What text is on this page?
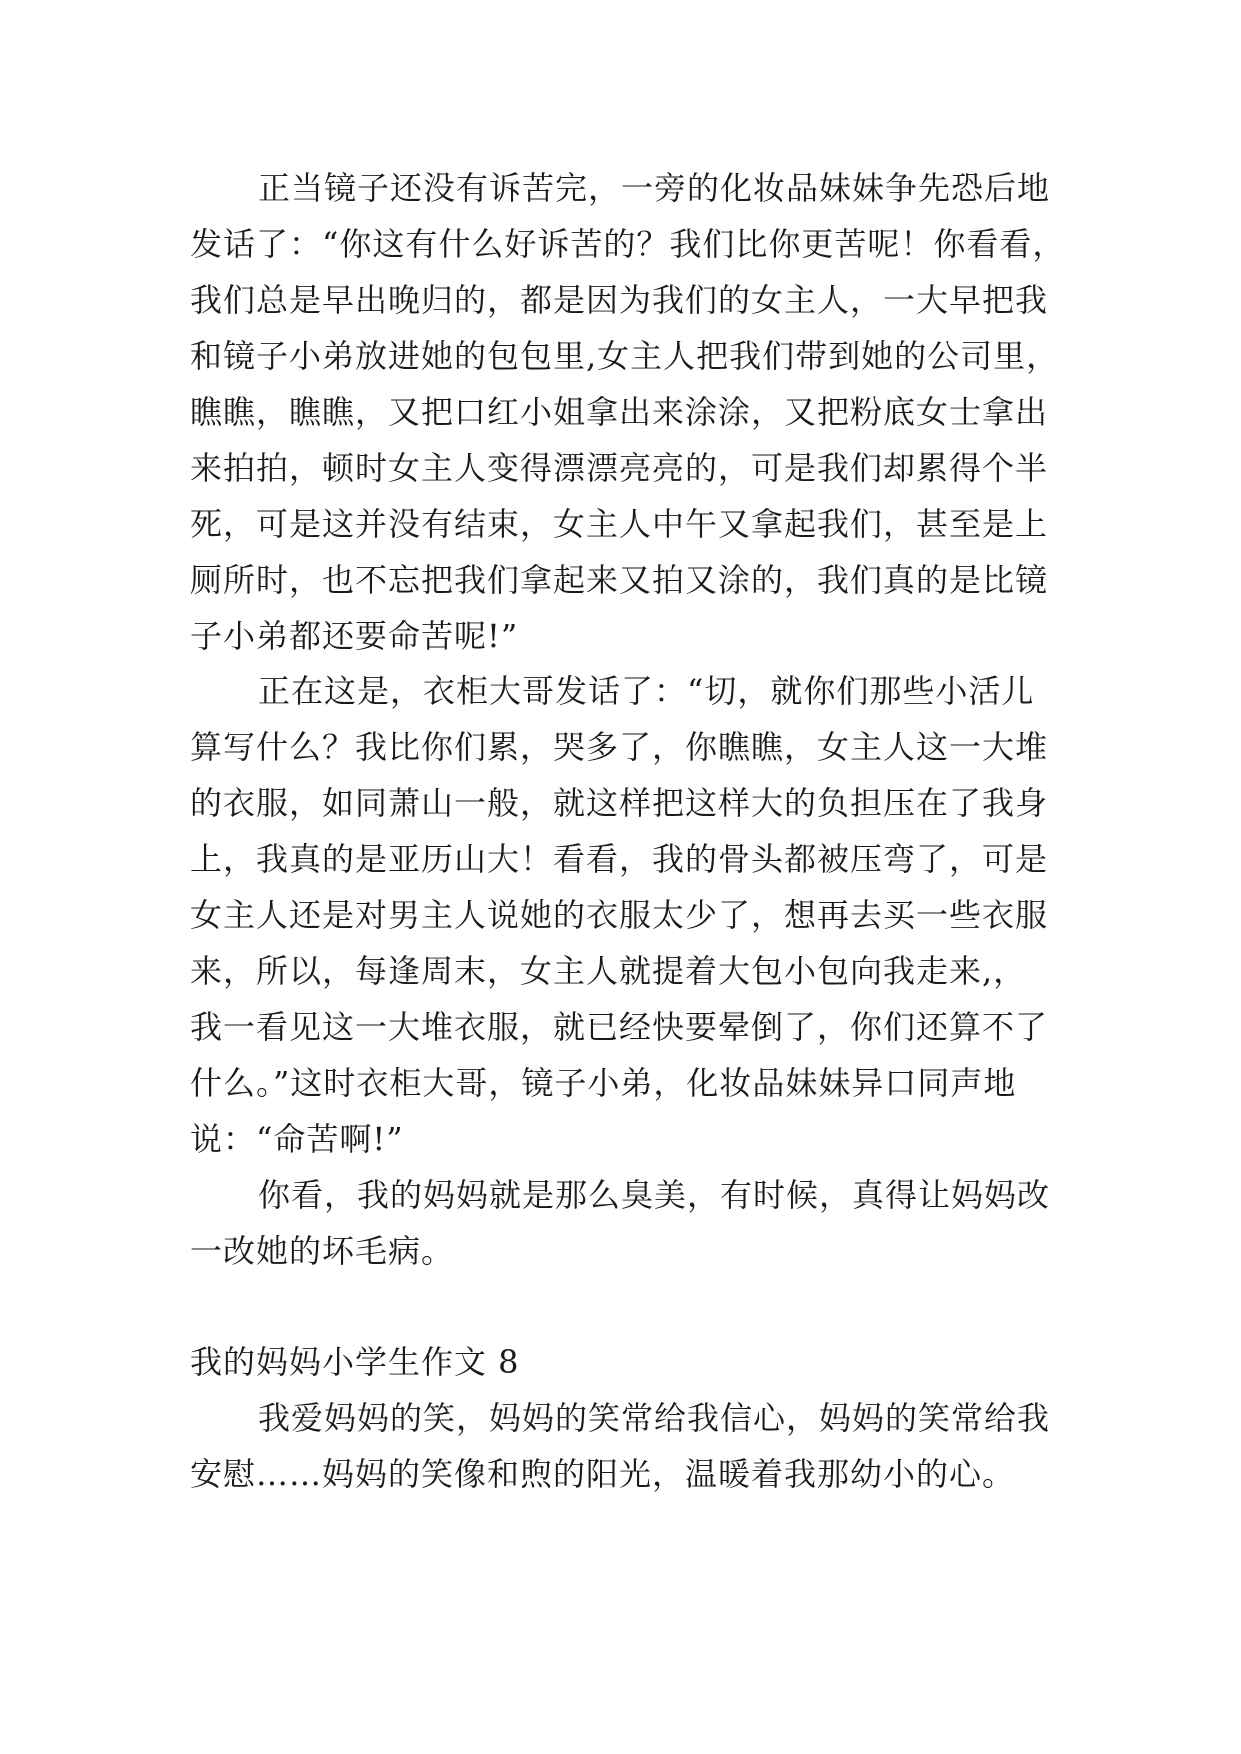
正当镜子还没有诉苦完，一旁的化妆品妹妹争先恐后地
发话了：“你这有什么好诉苦的？我们比你更苦呢！你看看，
我们总是早出晚归的，都是因为我们的女主人，一大早把我
和镜子小弟放进她的包包里,女主人把我们带到她的公司里，
瞧瞧，瞧瞧，又把口红小姐拿出来涂涂，又把粉底女士拿出
来拍拍，顿时女主人变得漂漂亮亮的，可是我们却累得个半
死，可是这并没有结束，女主人中午又拿起我们，甚至是上
厕所时，也不忘把我们拿起来又拍又涂的，我们真的是比镜
子小弟都还要命苦呢!”
正在这是，衣柜大哥发话了：“切，就你们那些小活儿
算写什么？我比你们累，哭多了，你瞧瞧，女主人这一大堆
的衣服，如同萧山一般，就这样把这样大的负担压在了我身
上，我真的是亚历山大！看看，我的骨头都被压弯了，可是
女主人还是对男主人说她的衣服太少了，想再去买一些衣服
来，所以，每逢周末，女主人就提着大包小包向我走来,，
我一看见这一大堆衣服，就已经快要晕倒了，你们还算不了
什么。”这时衣柜大哥，镜子小弟，化妆品妹妹异口同声地
说：“命苦啊!”
你看，我的妈妈就是那么臭美，有时候，真得让妈妈改
一改她的坏毛病。
我的妈妈小学生作文 8
我爱妈妈的笑，妈妈的笑常给我信心，妈妈的笑常给我
安慰……妈妈的笑像和煦的阳光，温暖着我那幼小的心。
